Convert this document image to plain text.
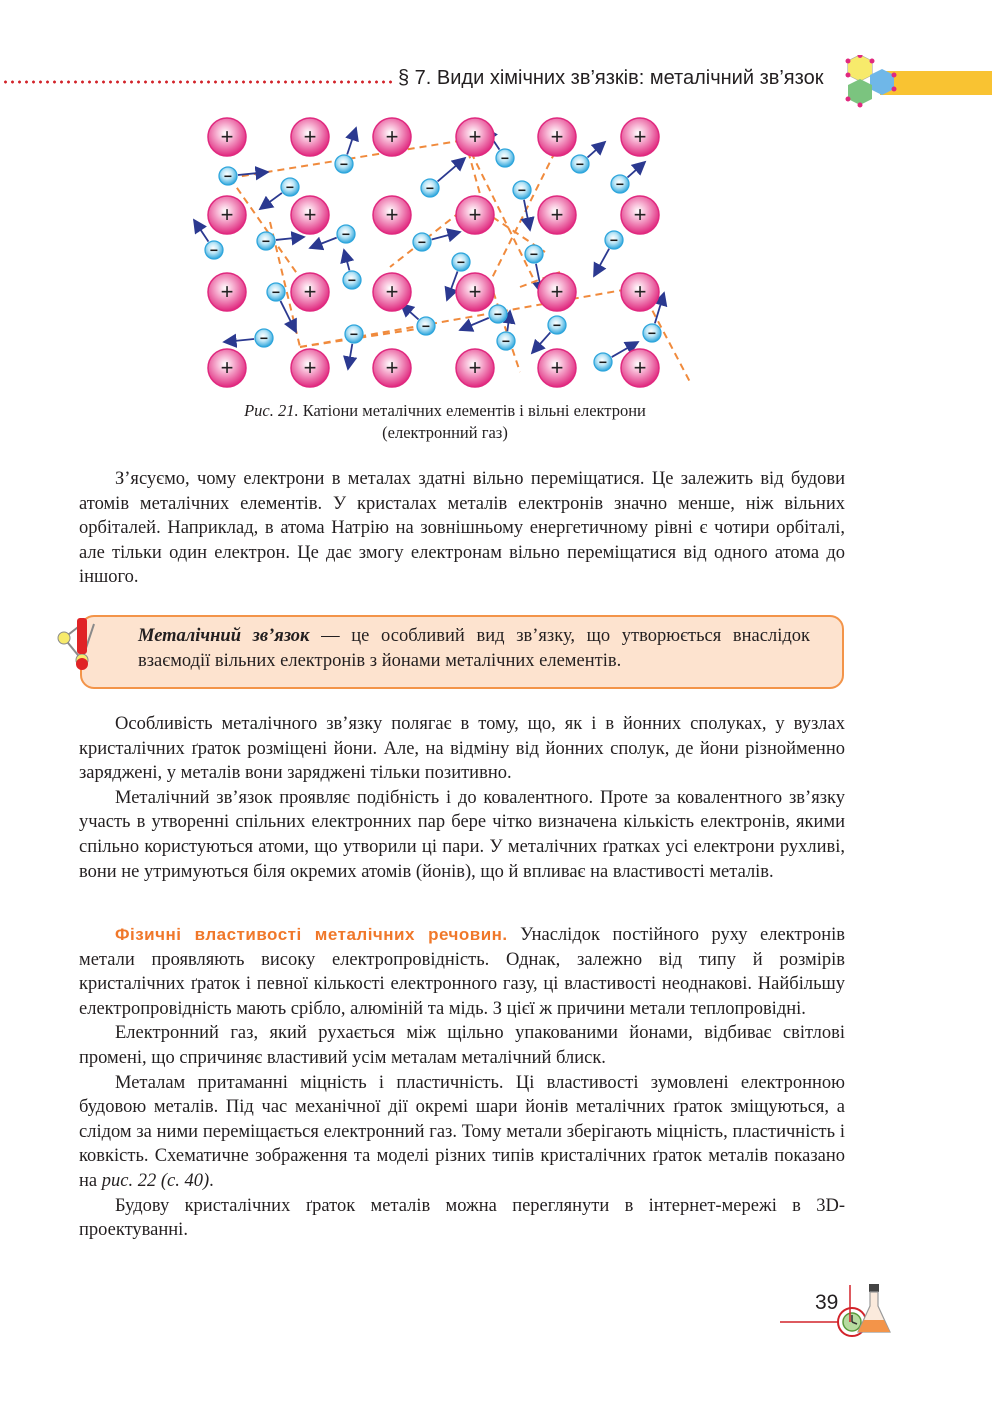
§ 7. Види хімічних зв’язків: металічний зв’язок
+	+	+	+	+	+
+	+	+	+	+	+
+	+	+	+	+	+
+	+	+	+	+	+
−
−
−
−
−
−
−
−
−
−	−	−
−	−
−
−
−
−
−
−	−	−
−
−
−
Рис. 21. Катіони металічних елементів і вільні електрони
(електронний газ)

З’ясуємо, чому електрони в металах здатні вільно переміщатися. Це залежить від будови атомів металічних елементів. У кристалах металів електронів значно менше, ніж вільних орбіталей. Наприклад, в атома Натрію на зовнішньому енергетичному рівні є чотири орбіталі, але тільки один електрон. Це дає змогу електронам вільно переміщатися від одного атома до іншого.

Металічний зв’язок — це особливий вид зв’язку, що утворюється внаслідок взаємодії вільних електронів з йонами металічних елементів.

Особливість металічного зв’язку полягає в тому, що, як і в йонних сполуках, у вузлах кристалічних ґраток розміщені йони. Але, на відміну від йонних сполук, де йони різнойменно заряджені, у металів вони заряджені тільки позитивно.

Металічний зв’язок проявляє подібність і до ковалентного. Проте за ковалентного зв’язку участь в утворенні спільних електронних пар бере чітко визначена кількість електронів, якими спільно користуються атоми, що утворили ці пари. У металічних ґратках усі електрони рухливі, вони не утримуються біля окремих атомів (йонів), що й впливає на властивості металів.

Фізичні властивості металічних речовин. Унаслідок постійного руху електронів метали проявляють високу електропровідність. Однак, залежно від типу й розмірів кристалічних ґраток і певної кількості електронного газу, ці властивості неоднакові. Найбільшу електропровідність мають срібло, алюміній та мідь. З цієї ж причини метали теплопровідні.

Електронний газ, який рухається між щільно упакованими йонами, відбиває світлові промені, що спричиняє властивий усім металам металічний блиск.

Металам притаманні міцність і пластичність. Ці властивості зумовлені електронною будовою металів. Під час механічної дії окремі шари йонів металічних ґраток зміщуються, а слідом за ними переміщається електронний газ. Тому метали зберігають міцність, пластичність і ковкість. Схематичне зображення та моделі різних типів кристалічних ґраток металів показано на рис. 22 (с. 40).

Будову кристалічних ґраток металів можна переглянути в інтернет-мережі в 3D-проектуванні.

39
